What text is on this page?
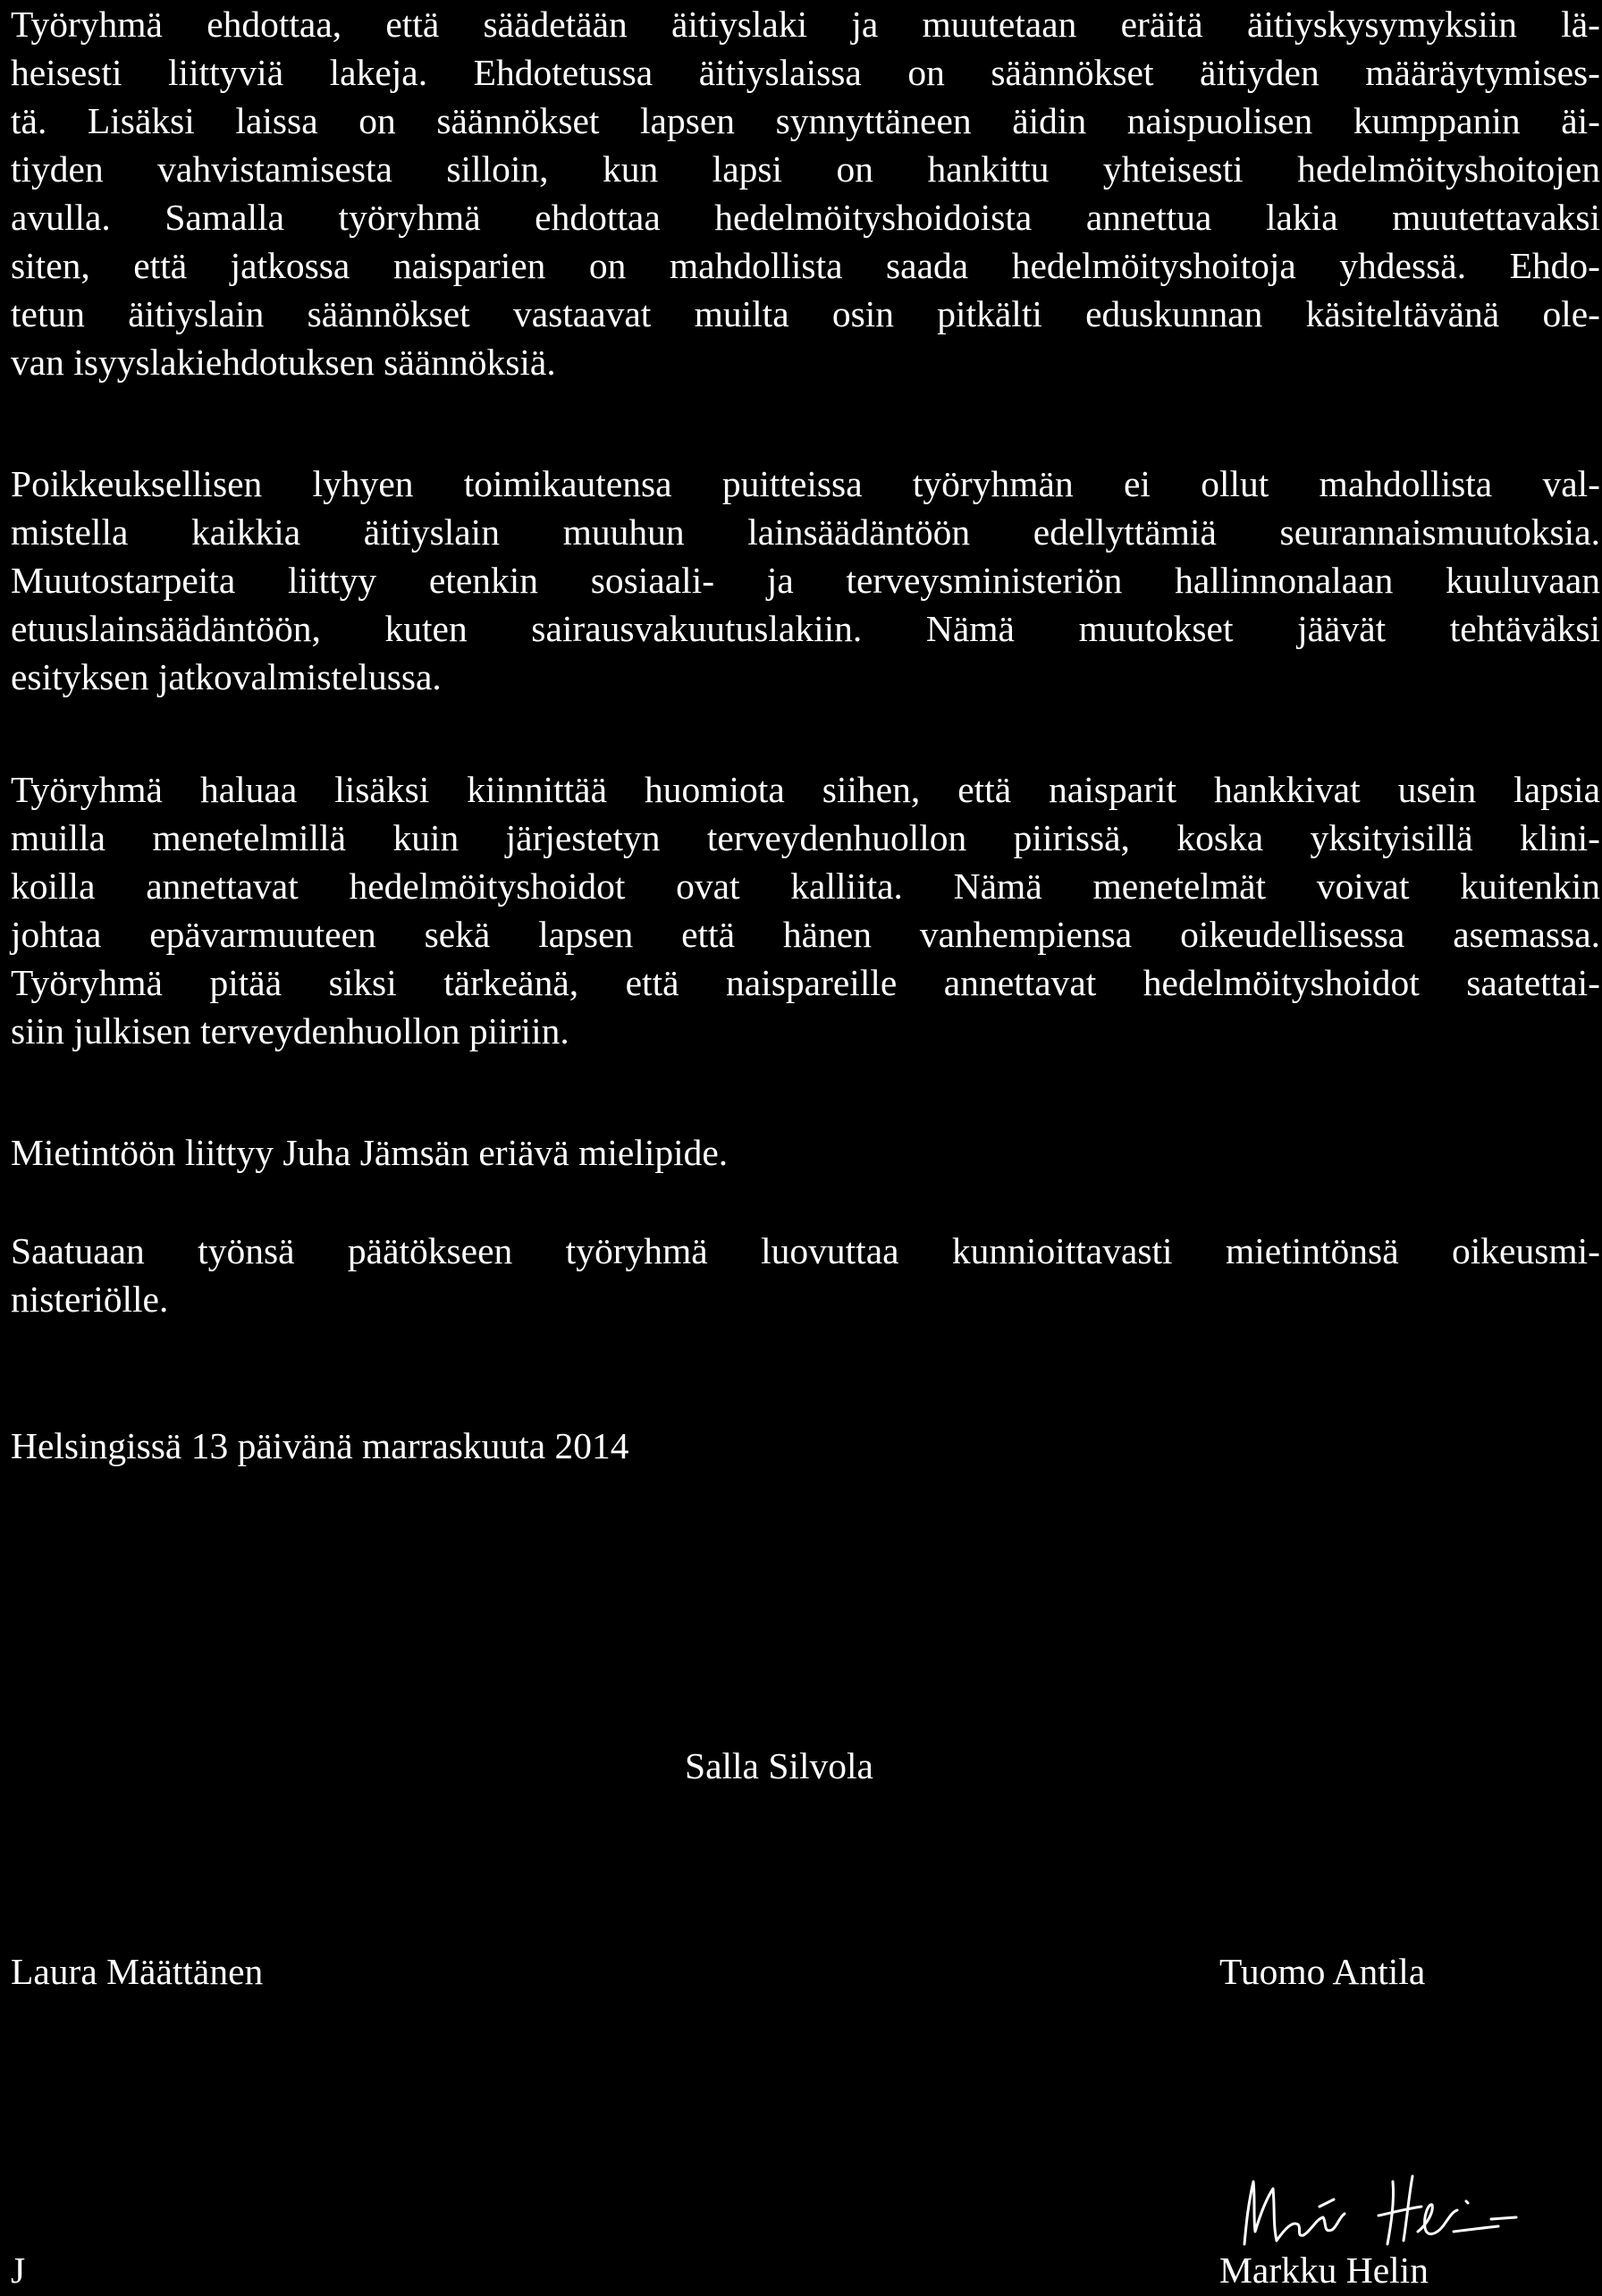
Työryhmä ehdottaa, että säädetään äitiyslaki ja muutetaan eräitä äitiyskysymyksiin lä-
heisesti liittyviä lakeja. Ehdotetussa äitiyslaissa on säännökset äitiyden määräytymises-
tä. Lisäksi laissa on säännökset lapsen synnyttäneen äidin naispuolisen kumppanin äi-
tiyden vahvistamisesta silloin, kun lapsi on hankittu yhteisesti hedelmöityshoitojen
avulla. Samalla työryhmä ehdottaa hedelmöityshoidoista annettua lakia muutettavaksi
siten, että jatkossa naisparien on mahdollista saada hedelmöityshoitoja yhdessä. Ehdo-
tetun äitiyslain säännökset vastaavat muilta osin pitkälti eduskunnan käsiteltävänä ole-
van isyyslakiehdotuksen säännöksiä.
Poikkeuksellisen lyhyen toimikautensa puitteissa työryhmän ei ollut mahdollista val-
mistella kaikkia äitiyslain muuhun lainsäädäntöön edellyttämiä seurannaismuutoksia.
Muutostarpeita liittyy etenkin sosiaali- ja terveysministeriön hallinnonalaan kuuluvaan
etuuslainsäädäntöön, kuten sairausvakuutuslakiin. Nämä muutokset jäävät tehtäväksi
esityksen jatkovalmistelussa.
Työryhmä haluaa lisäksi kiinnittää huomiota siihen, että naisparit hankkivat usein lapsia
muilla menetelmillä kuin järjestetyn terveydenhuollon piirissä, koska yksityisillä klini-
koilla annettavat hedelmöityshoidot ovat kalliita. Nämä menetelmät voivat kuitenkin
johtaa epävarmuuteen sekä lapsen että hänen vanhempiensa oikeudellisessa asemassa.
Työryhmä pitää siksi tärkeänä, että naispareille annettavat hedelmöityshoidot saatettai-
siin julkisen terveydenhuollon piiriin.
Mietintöön liittyy Juha Jämsän eriävä mielipide.
Saatuaan työnsä päätökseen työryhmä luovuttaa kunnioittavasti mietintönsä oikeusmi-
nisteriölle.

Helsingissä 13 päivänä marraskuuta 2014

Salla Silvola

Laura Määttänen	Tuomo Antila

J	Markku Helin
